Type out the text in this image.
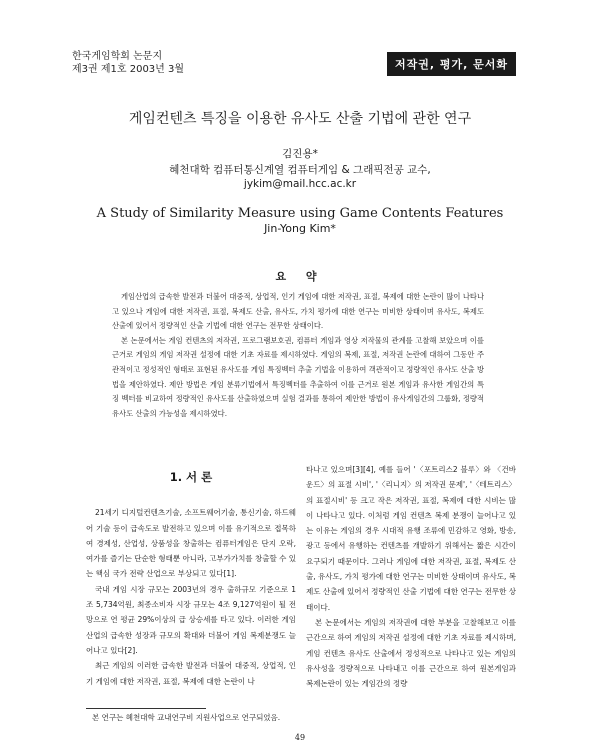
한국게임학회 논문지
제3권 제1호 2003년 3월	저작권, 평가, 문서화
게임컨텐츠 특징을 이용한 유사도 산출 기법에 관한 연구
김진용*
혜천대학 컴퓨터통신계열 컴퓨터게임 & 그래픽전공 교수,
jykim@mail.hcc.ac.kr
A Study of Similarity Measure using Game Contents Features
Jin-Yong Kim*
요 약

게임산업의 급속한 발전과 더불어 대중적, 상업적, 인기 게임에 대한 저작권, 표절, 복제에 대한 논란이 많이 나타나고 있으나 게임에 대한 저작권, 표절, 복제도 산출, 유사도, 가치 평가에 대한 연구는 미비한 상태이며 유사도, 복제도 산출에 있어서 정량적인 산출 기법에 대한 연구는 전무한 상태이다.

본 논문에서는 게임 컨텐츠의 저작권, 프로그램보호권, 컴퓨터 게임과 영상 저작물의 관계를 고찰해 보았으며 이를 근거로 게임의 게임 저작권 설정에 대한 기초 자료를 제시하였다. 게임의 복제, 표절, 저작권 논란에 대하여 그동안 주관적이고 정성적인 형태로 표현된 유사도를 게임 특징벡터 추출 기법을 이용하여 객관적이고 정량적인 유사도 산출 방법을 제안하였다. 제안 방법은 게임 분류기법에서 특징벡터를 추출하여 이를 근거로 원본 게임과 유사한 게임간의 특징 벡터를 비교하여 정량적인 유사도를 산출하였으며 실험 결과를 통하여 제안한 방법이 유사게임간의 그룹화, 정량적 유사도 산출의 가능성을 제시하였다.

1. 서 론

21세기 디지털컨텐츠기술, 소프트웨어기술, 통신기술, 하드웨어 기술 등이 급속도로 발전하고 있으며 이를 유기적으로 접목하여 경제성, 산업성, 상품성을 창출하는 컴퓨터게임은 단지 오락, 여가를 즐기는 단순한 형태뿐 아니라, 고부가가치를 창출할 수 있는 핵심 국가 전략 산업으로 부상되고 있다[1].

국내 게임 시장 규모는 2003년의 경우 출하규모 기준으로 1조 5,734억원, 최종소비자 시장 규모는 4조 9,127억원이 될 전망으로 연 평균 29%이상의 급 상승세를 타고 있다. 이러한 게임 산업의 급속한 성장과 규모의 확대와 더불어 게임 복제분쟁도 늘어나고 있다[2].

최근 게임의 이러한 급속한 발전과 더불어 대중적, 상업적, 인기 게임에 대한 저작권, 표절, 복제에 대한 논란이 나

타나고 있으며[3][4], 예를 들어 '〈포트리스2 블루〉와 〈건바운드〉의 표절 시비', '〈리니지〉의 저작권 문제', '〈테트리스〉의 표절시비' 등 크고 작은 저작권, 표절, 복제에 대한 시비는 많이 나타나고 있다. 이처럼 게임 컨텐츠 복제 분쟁이 늘어나고 있는 이유는 게임의 경우 시대적 유행 조류에 민감하고 영화, 방송, 광고 등에서 유행하는 컨텐츠를 개발하기 위해서는 짧은 시간이 요구되기 때문이다. 그러나 게임에 대한 저작권, 표절, 복제도 산출, 유사도, 가치 평가에 대한 연구는 미비한 상태이며 유사도, 복제도 산출에 있어서 정량적인 산출 기법에 대한 연구는 전무한 상태이다.

본 논문에서는 게임의 저작권에 대한 부분을 고찰해보고 이를 근간으로 하여 게임의 저작권 설정에 대한 기초 자료를 제시하며, 게임 컨텐츠 유사도 산출에서 정성적으로 나타나고 있는 게임의 유사성을 정량적으로 나타내고 이를 근간으로 하여 원본게임과 복제논란이 있는 게임간의 정량

본 연구는 혜천대학 교내연구비 지원사업으로 연구되었음.
49
